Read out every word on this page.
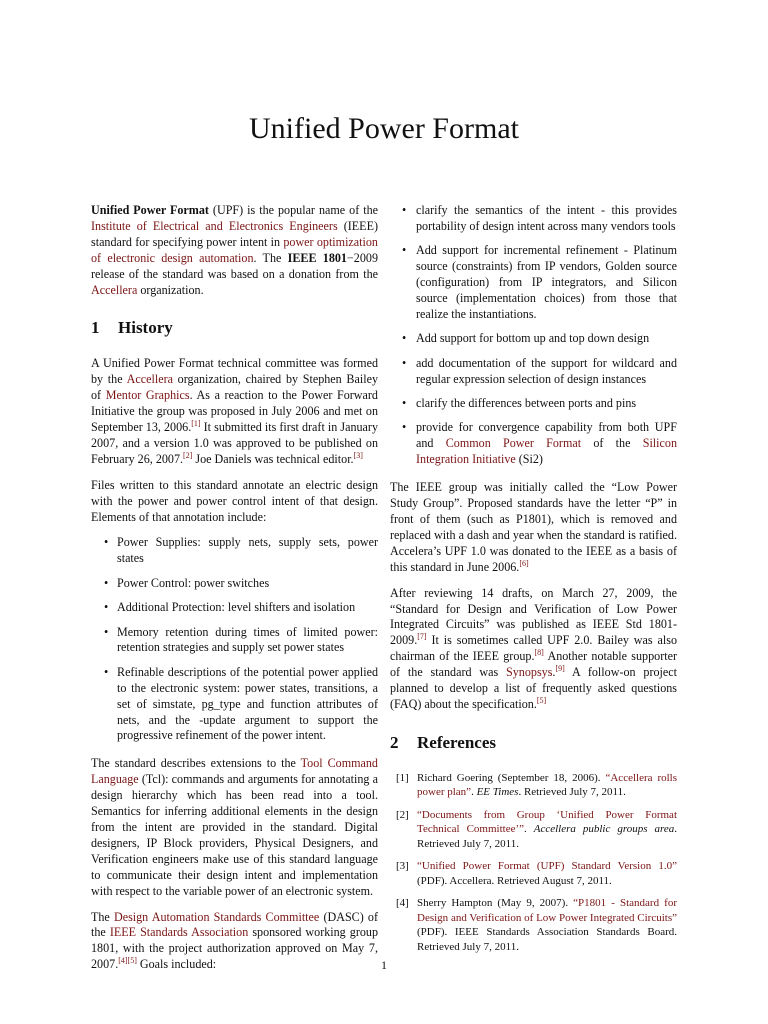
Unified Power Format

Unified Power Format (UPF) is the popular name of the Institute of Electrical and Electronics Engineers (IEEE) standard for specifying power intent in power optimization of electronic design automation. The IEEE 1801−2009 release of the standard was based on a donation from the Accellera organization.

1 History

A Unified Power Format technical committee was formed by the Accellera organization, chaired by Stephen Bailey of Mentor Graphics. As a reaction to the Power Forward Initiative the group was proposed in July 2006 and met on September 13, 2006.[1] It submitted its first draft in January 2007, and a version 1.0 was approved to be published on February 26, 2007.[2] Joe Daniels was technical editor.[3]

Files written to this standard annotate an electric design with the power and power control intent of that design. Elements of that annotation include:

• Power Supplies: supply nets, supply sets, power states
• Power Control: power switches
• Additional Protection: level shifters and isolation
• Memory retention during times of limited power: retention strategies and supply set power states
• Refinable descriptions of the potential power applied to the electronic system: power states, transitions, a set of simstate, pg_type and function attributes of nets, and the -update argument to support the progressive refinement of the power intent.

The standard describes extensions to the Tool Command Language (Tcl): commands and arguments for annotating a design hierarchy which has been read into a tool. Semantics for inferring additional elements in the design from the intent are provided in the standard. Digital designers, IP Block providers, Physical Designers, and Verification engineers make use of this standard language to communicate their design intent and implementation with respect to the variable power of an electronic system.

The Design Automation Standards Committee (DASC) of the IEEE Standards Association sponsored working group 1801, with the project authorization approved on May 7, 2007.[4][5] Goals included:

• clarify the semantics of the intent - this provides portability of design intent across many vendors tools
• Add support for incremental refinement - Platinum source (constraints) from IP vendors, Golden source (configuration) from IP integrators, and Silicon source (implementation choices) from those that realize the instantiations.
• Add support for bottom up and top down design
• add documentation of the support for wildcard and regular expression selection of design instances
• clarify the differences between ports and pins
• provide for convergence capability from both UPF and Common Power Format of the Silicon Integration Initiative (Si2)

The IEEE group was initially called the “Low Power Study Group”. Proposed standards have the letter “P” in front of them (such as P1801), which is removed and replaced with a dash and year when the standard is ratified. Accelera’s UPF 1.0 was donated to the IEEE as a basis of this standard in June 2006.[6]

After reviewing 14 drafts, on March 27, 2009, the “Standard for Design and Verification of Low Power Integrated Circuits” was published as IEEE Std 1801-2009.[7] It is sometimes called UPF 2.0. Bailey was also chairman of the IEEE group.[8] Another notable supporter of the standard was Synopsys.[9] A follow-on project planned to develop a list of frequently asked questions (FAQ) about the specification.[5]

2 References
[1] Richard Goering (September 18, 2006). “Accellera rolls power plan”. EE Times. Retrieved July 7, 2011.
[2] “Documents from Group ‘Unified Power Format Technical Committee’”. Accellera public groups area. Retrieved July 7, 2011.
[3] “Unified Power Format (UPF) Standard Version 1.0” (PDF). Accellera. Retrieved August 7, 2011.
[4] Sherry Hampton (May 9, 2007). “P1801 - Standard for Design and Verification of Low Power Integrated Circuits” (PDF). IEEE Standards Association Standards Board. Retrieved July 7, 2011.
1
